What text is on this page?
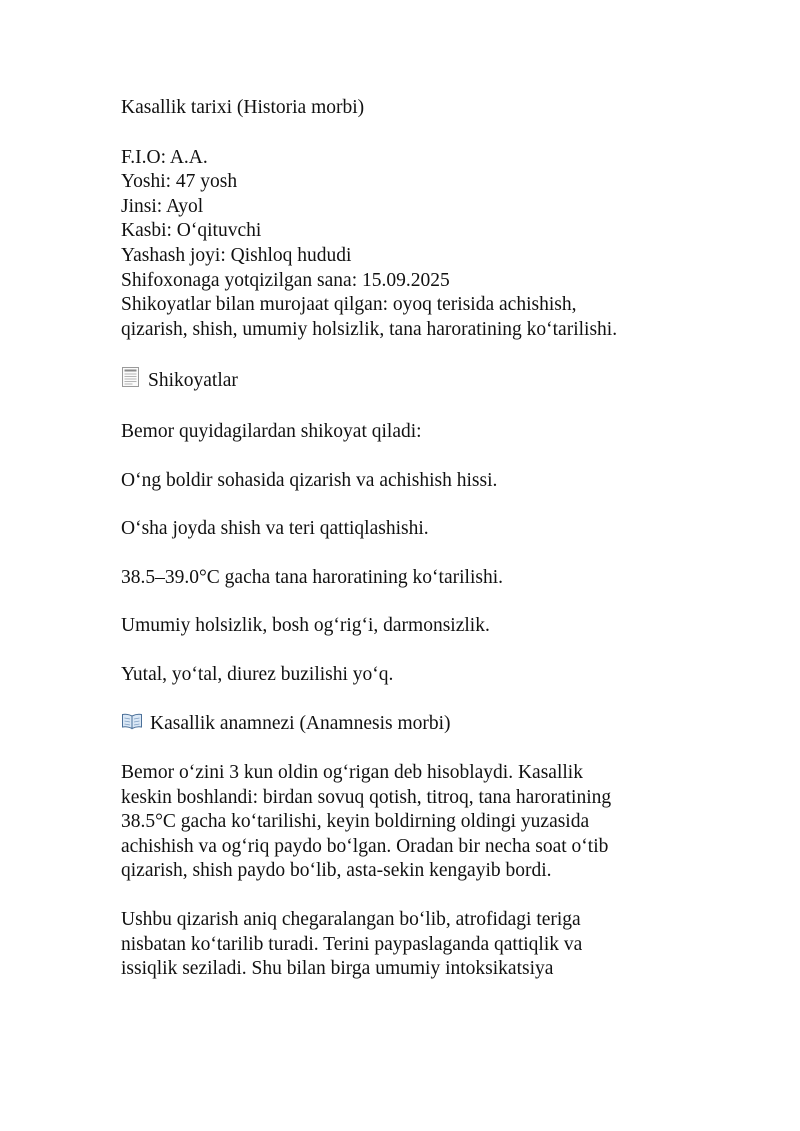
Kasallik tarixi (Historia morbi)
F.I.O: A.A.
Yoshi: 47 yosh
Jinsi: Ayol
Kasbi: O‘qituvchi
Yashash joyi: Qishloq hududi
Shifoxonaga yotqizilgan sana: 15.09.2025
Shikoyatlar bilan murojaat qilgan: oyoq terisida achishish,
qizarish, shish, umumiy holsizlik, tana haroratining ko‘tarilishi.
Shikoyatlar
Bemor quyidagilardan shikoyat qiladi:
O‘ng boldir sohasida qizarish va achishish hissi.
O‘sha joyda shish va teri qattiqlashishi.
38.5–39.0°C gacha tana haroratining ko‘tarilishi.
Umumiy holsizlik, bosh og‘rig‘i, darmonsizlik.
Yutal, yo‘tal, diurez buzilishi yo‘q.
Kasallik anamnezi (Anamnesis morbi)
Bemor o‘zini 3 kun oldin og‘rigan deb hisoblaydi. Kasallik
keskin boshlandi: birdan sovuq qotish, titroq, tana haroratining
38.5°C gacha ko‘tarilishi, keyin boldirning oldingi yuzasida
achishish va og‘riq paydo bo‘lgan. Oradan bir necha soat o‘tib
qizarish, shish paydo bo‘lib, asta-sekin kengayib bordi.
Ushbu qizarish aniq chegaralangan bo‘lib, atrofidagi teriga
nisbatan ko‘tarilib turadi. Terini paypaslaganda qattiqlik va
issiqlik seziladi. Shu bilan birga umumiy intoksikatsiya
